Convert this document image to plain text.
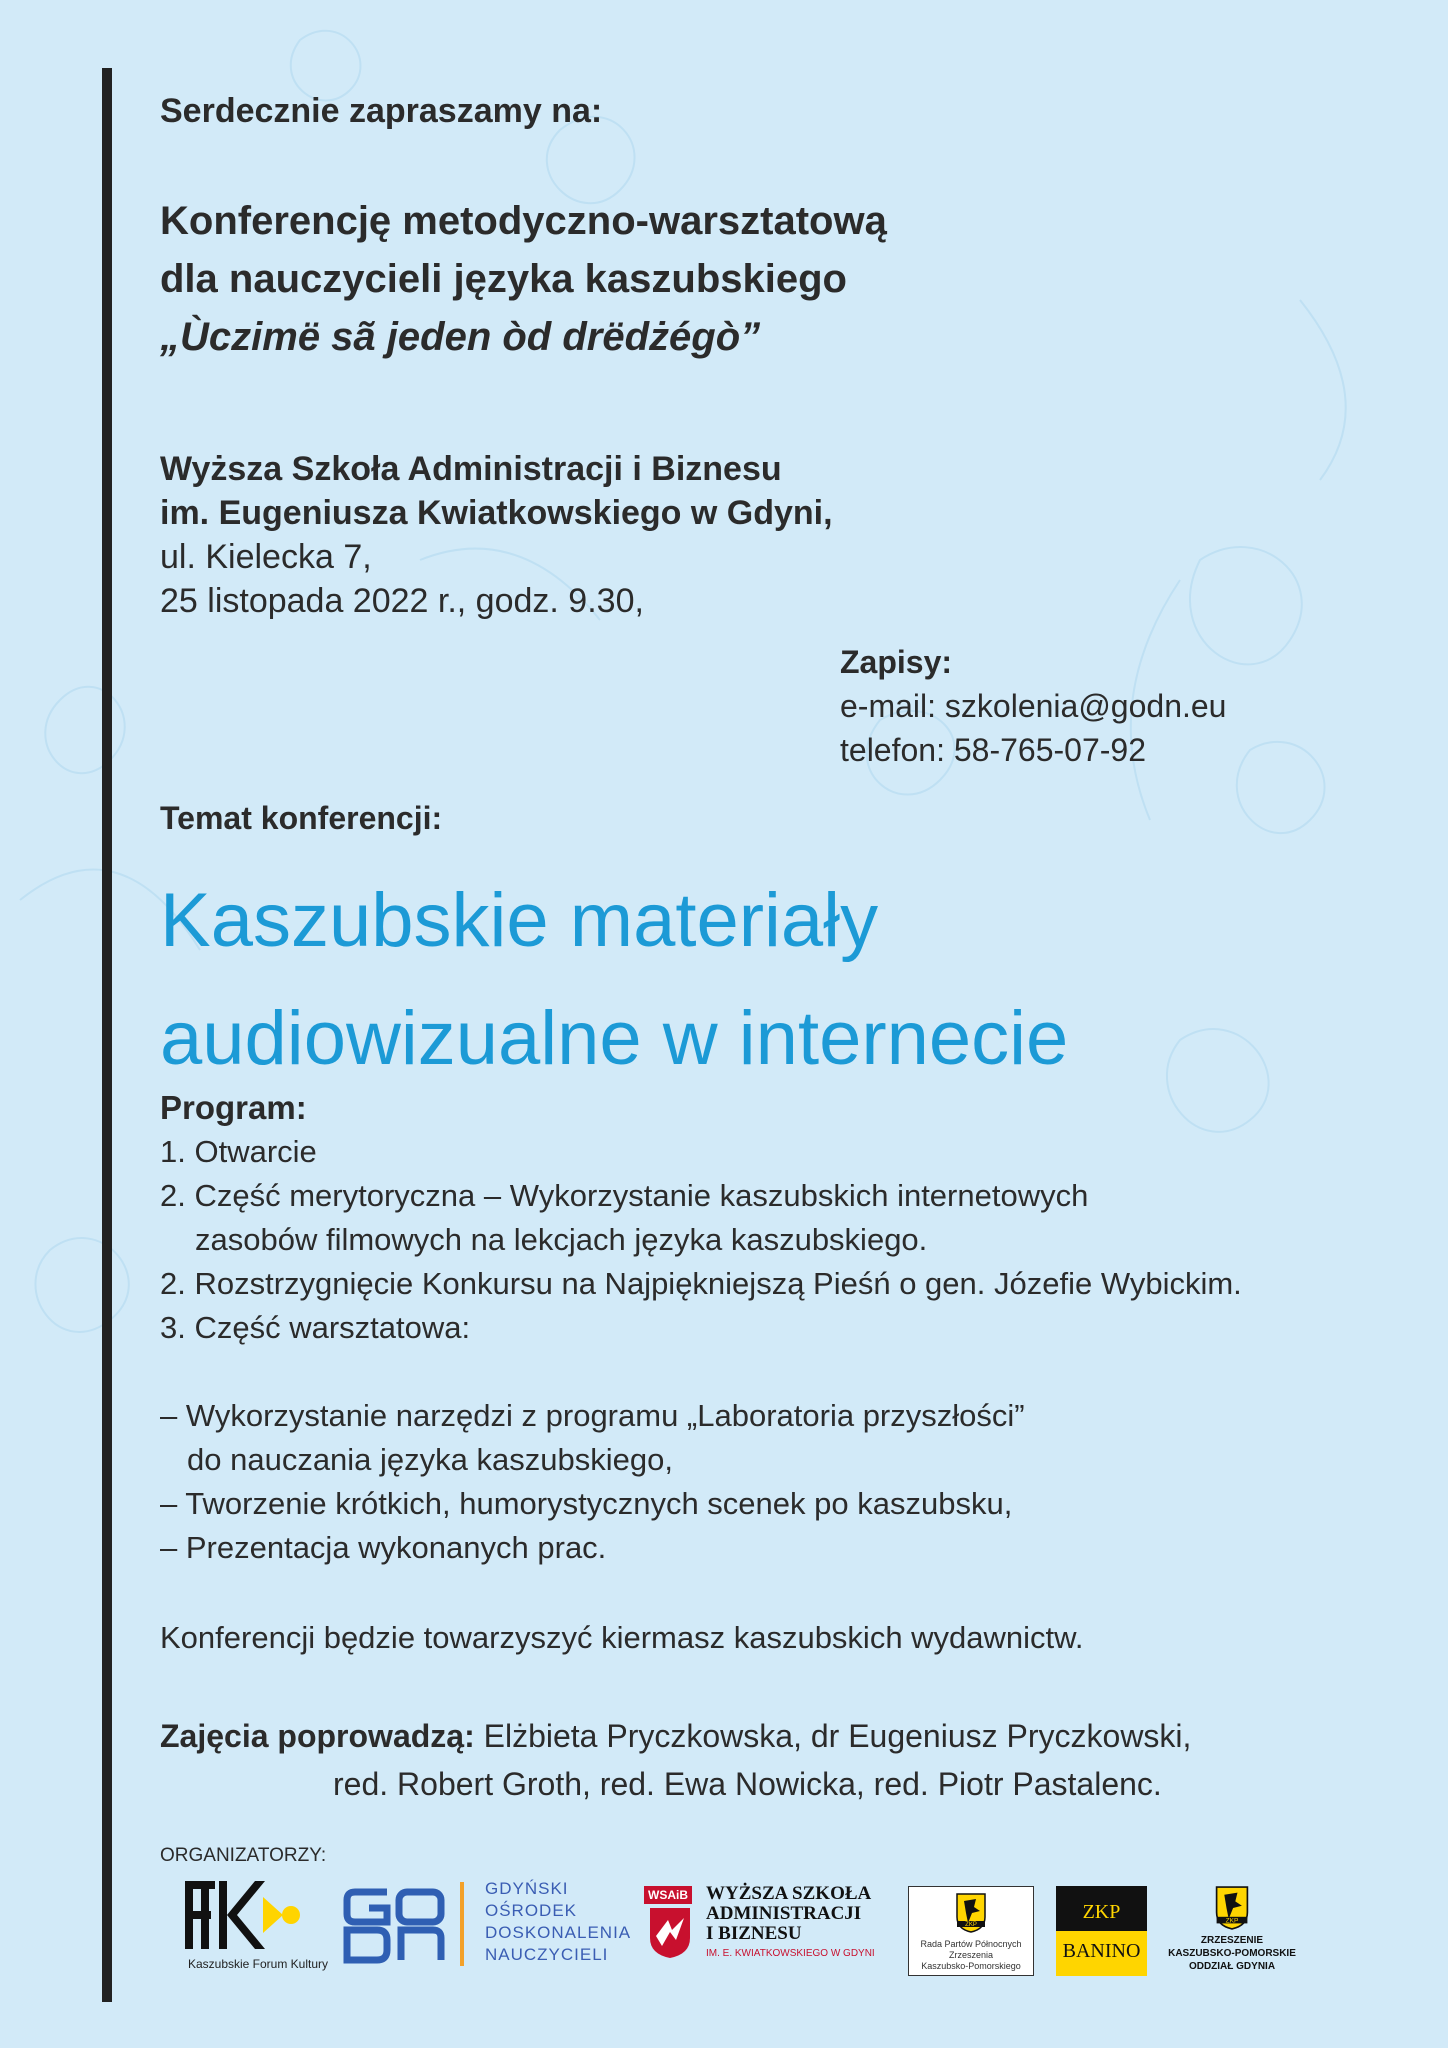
Serdecznie zapraszamy na:
Konferencję metodyczno-warsztatową
dla nauczycieli języka kaszubskiego
„Ùczimë sã jeden òd drëdżégò”
Wyższa Szkoła Administracji i Biznesu
im. Eugeniusza Kwiatkowskiego w Gdyni,
ul. Kielecka 7,
25 listopada 2022 r., godz. 9.30,
Zapisy:
e-mail: szkolenia@godn.eu
telefon: 58-765-07-92
Temat konferencji:
Kaszubskie materiały
audiowizualne w internecie
Program:
1. Otwarcie
2. Część merytoryczna – Wykorzystanie kaszubskich internetowych
zasobów filmowych na lekcjach języka kaszubskiego.
2. Rozstrzygnięcie Konkursu na Najpiękniejszą Pieśń o gen. Józefie Wybickim.
3. Część warsztatowa:
– Wykorzystanie narzędzi z programu „Laboratoria przyszłości”
do nauczania języka kaszubskiego,
– Tworzenie krótkich, humorystycznych scenek po kaszubsku,
– Prezentacja wykonanych prac.
Konferencji będzie towarzyszyć kiermasz kaszubskich wydawnictw.
Zajęcia poprowadzą: Elżbieta Pryczkowska, dr Eugeniusz Pryczkowski,
red. Robert Groth, red. Ewa Nowicka, red. Piotr Pastalenc.
ORGANIZATORZY:
Kaszubskie Forum Kultury
GDYŃSKI
OŚRODEK
DOSKONALENIA
NAUCZYCIELI
WSAiB WYŻSZA SZKOŁA
ADMINISTRACJI
I BIZNESU
IM. E. KWIATKOWSKIEGO W GDYNI
ZKP
Rada Partów Północnych
Zrzeszenia
Kaszubsko-Pomorskiego
ZKP
BANINO
ZKP
ZRZESZENIE
KASZUBSKO-POMORSKIE
ODDZIAŁ GDYNIA
